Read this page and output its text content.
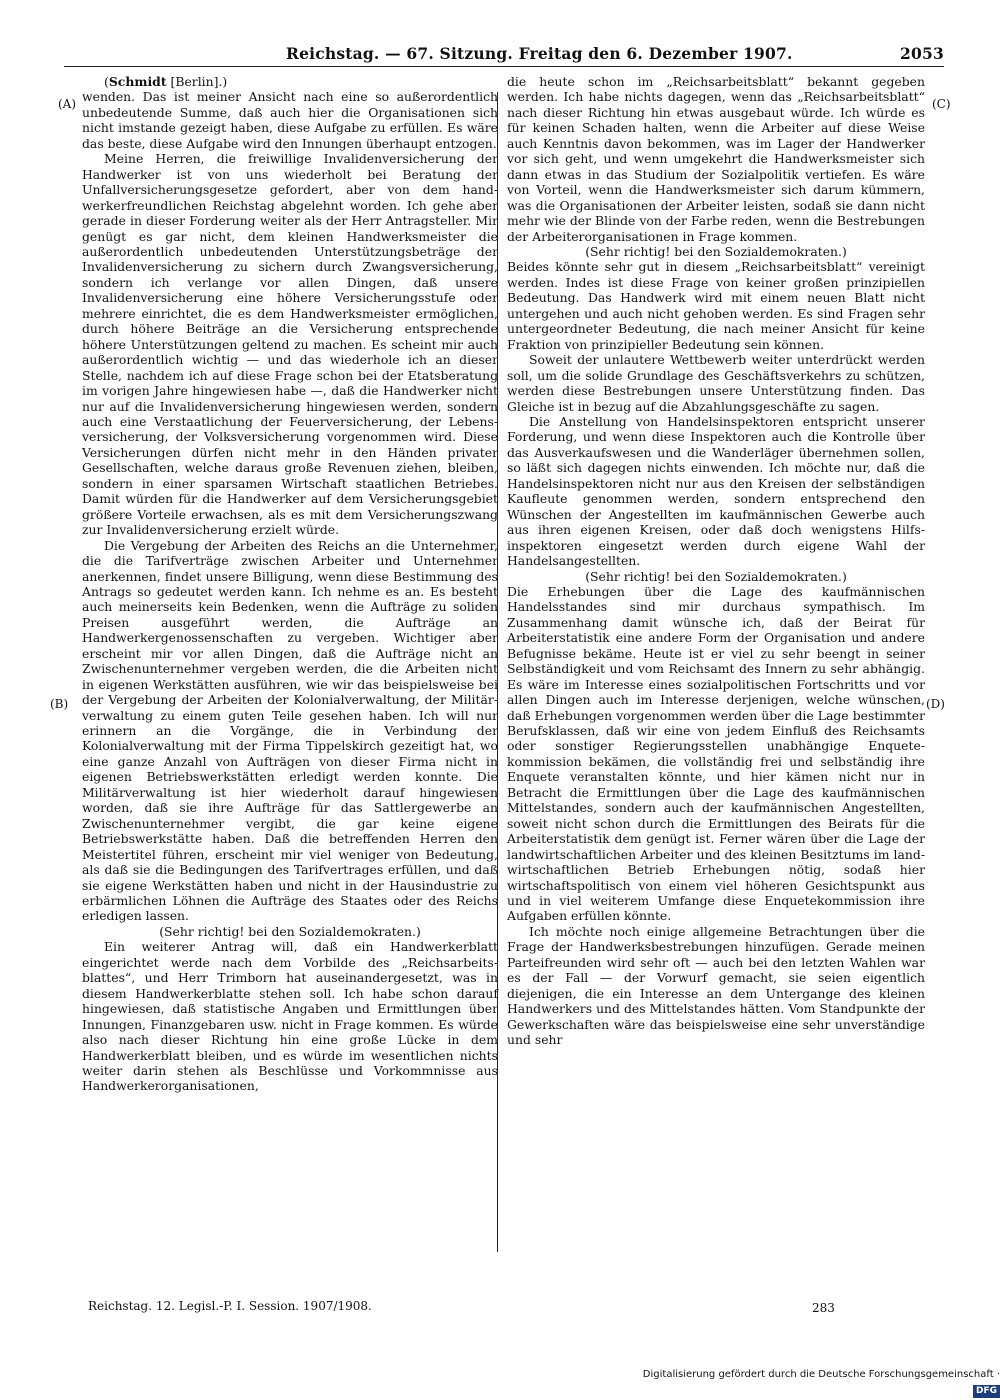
Reichstag. — 67. Sitzung. Freitag den 6. Dezember 1907.	2053
(A)	(C)
(B)	(D)

(Schmidt [Berlin].)

wenden. Das ist meiner Ansicht nach eine so außerordentlich unbedeutende Summe, daß auch hier die Organisationen sich nicht imstande gezeigt haben, diese Aufgabe zu erfüllen. Es wäre das beste, diese Aufgabe wird den Innungen überhaupt entzogen.

Meine Herren, die freiwillige Invalidenversicherung der Handwerker ist von uns wiederholt bei Beratung der Unfallversicherungsgesetze gefordert, aber von dem handwerkerfreundlichen Reichstag abgelehnt worden. Ich gehe aber gerade in dieser Forderung weiter als der Herr Antragsteller. Mir genügt es gar nicht, dem kleinen Handwerksmeister die außerordentlich unbedeutenden Unterstützungsbeträge der Invalidenversicherung zu sichern durch Zwangsversicherung, sondern ich verlange vor allen Dingen, daß unsere Invalidenversicherung eine höhere Versicherungsstufe oder mehrere einrichtet, die es dem Handwerksmeister ermöglichen, durch höhere Beiträge an die Versicherung entsprechende höhere Unterstützungen geltend zu machen. Es scheint mir auch außerordentlich wichtig — und das wiederhole ich an dieser Stelle, nachdem ich auf diese Frage schon bei der Etatsberatung im vorigen Jahre hingewiesen habe —, daß die Handwerker nicht nur auf die Invalidenversicherung hingewiesen werden, sondern auch eine Verstaatlichung der Feuerversicherung, der Lebensversicherung, der Volksversicherung vorgenommen wird. Diese Versicherungen dürfen nicht mehr in den Händen privater Gesellschaften, welche daraus große Revenuen ziehen, bleiben, sondern in einer sparsamen Wirtschaft staatlichen Betriebes. Damit würden für die Handwerker auf dem Versicherungsgebiet größere Vorteile erwachsen, als es mit dem Versicherungszwang zur Invalidenversicherung erzielt würde.

Die Vergebung der Arbeiten des Reichs an die Unternehmer, die die Tarifverträge zwischen Arbeiter und Unternehmer anerkennen, findet unsere Billigung, wenn diese Bestimmung des Antrags so gedeutet werden kann. Ich nehme es an. Es besteht auch meinerseits kein Bedenken, wenn die Aufträge zu soliden Preisen ausgeführt werden, die Aufträge an Handwerkergenossenschaften zu vergeben. Wichtiger aber erscheint mir vor allen Dingen, daß die Aufträge nicht an Zwischenunternehmer vergeben werden, die die Arbeiten nicht in eigenen Werkstätten ausführen, wie wir das beispielsweise bei der Vergebung der Arbeiten der Kolonialverwaltung, der Militärverwaltung zu einem guten Teile gesehen haben. Ich will nur erinnern an die Vorgänge, die in Verbindung der Kolonialverwaltung mit der Firma Tippelskirch gezeitigt hat, wo eine ganze Anzahl von Aufträgen von dieser Firma nicht in eigenen Betriebswerkstätten erledigt werden konnte. Die Militärverwaltung ist hier wiederholt darauf hingewiesen worden, daß sie ihre Aufträge für das Sattlergewerbe an Zwischenunternehmer vergibt, die gar keine eigene Betriebswerkstätte haben. Daß die betreffenden Herren den Meistertitel führen, erscheint mir viel weniger von Bedeutung, als daß sie die Bedingungen des Tarifvertrages erfüllen, und daß sie eigene Werkstätten haben und nicht in der Hausindustrie zu erbärmlichen Löhnen die Aufträge des Staates oder des Reichs erledigen lassen.

(Sehr richtig! bei den Sozialdemokraten.)

Ein weiterer Antrag will, daß ein Handwerkerblatt eingerichtet werde nach dem Vorbilde des „Reichsarbeitsblattes“, und Herr Trimborn hat auseinandergesetzt, was in diesem Handwerkerblatte stehen soll. Ich habe schon darauf hingewiesen, daß statistische Angaben und Ermittlungen über Innungen, Finanzgebaren usw. nicht in Frage kommen. Es würde also nach dieser Richtung hin eine große Lücke in dem Handwerkerblatt bleiben, und es würde im wesentlichen nichts weiter darin stehen als Beschlüsse und Vorkommnisse aus Handwerkerorganisationen,

die heute schon im „Reichsarbeitsblatt“ bekannt gegeben werden. Ich habe nichts dagegen, wenn das „Reichsarbeitsblatt“ nach dieser Richtung hin etwas ausgebaut würde. Ich würde es für keinen Schaden halten, wenn die Arbeiter auf diese Weise auch Kenntnis davon bekommen, was im Lager der Handwerker vor sich geht, und wenn umgekehrt die Handwerksmeister sich dann etwas in das Studium der Sozialpolitik vertiefen. Es wäre von Vorteil, wenn die Handwerksmeister sich darum kümmern, was die Organisationen der Arbeiter leisten, sodaß sie dann nicht mehr wie der Blinde von der Farbe reden, wenn die Bestrebungen der Arbeiterorganisationen in Frage kommen.

(Sehr richtig! bei den Sozialdemokraten.)

Beides könnte sehr gut in diesem „Reichsarbeitsblatt“ vereinigt werden. Indes ist diese Frage von keiner großen prinzipiellen Bedeutung. Das Handwerk wird mit einem neuen Blatt nicht untergehen und auch nicht gehoben werden. Es sind Fragen sehr untergeordneter Bedeutung, die nach meiner Ansicht für keine Fraktion von prinzipieller Bedeutung sein können.

Soweit der unlautere Wettbewerb weiter unterdrückt werden soll, um die solide Grundlage des Geschäftsverkehrs zu schützen, werden diese Bestrebungen unsere Unterstützung finden. Das Gleiche ist in bezug auf die Abzahlungsgeschäfte zu sagen.

Die Anstellung von Handelsinspektoren entspricht unserer Forderung, und wenn diese Inspektoren auch die Kontrolle über das Ausverkaufswesen und die Wanderläger übernehmen sollen, so läßt sich dagegen nichts einwenden. Ich möchte nur, daß die Handelsinspektoren nicht nur aus den Kreisen der selbständigen Kaufleute genommen werden, sondern entsprechend den Wünschen der Angestellten im kaufmännischen Gewerbe auch aus ihren eigenen Kreisen, oder daß doch wenigstens Hilfsinspektoren eingesetzt werden durch eigene Wahl der Handelsangestellten.

(Sehr richtig! bei den Sozialdemokraten.)

Die Erhebungen über die Lage des kaufmännischen Handelsstandes sind mir durchaus sympathisch. Im Zusammenhang damit wünsche ich, daß der Beirat für Arbeiterstatistik eine andere Form der Organisation und andere Befugnisse bekäme. Heute ist er viel zu sehr beengt in seiner Selbständigkeit und vom Reichsamt des Innern zu sehr abhängig. Es wäre im Interesse eines sozialpolitischen Fortschritts und vor allen Dingen auch im Interesse derjenigen, welche wünschen, daß Erhebungen vorgenommen werden über die Lage bestimmter Berufsklassen, daß wir eine von jedem Einfluß des Reichsamts oder sonstiger Regierungsstellen unabhängige Enquetekommission bekämen, die vollständig frei und selbständig ihre Enquete veranstalten könnte, und hier kämen nicht nur in Betracht die Ermittlungen über die Lage des kaufmännischen Mittelstandes, sondern auch der kaufmännischen Angestellten, soweit nicht schon durch die Ermittlungen des Beirats für die Arbeiterstatistik dem genügt ist. Ferner wären über die Lage der landwirtschaftlichen Arbeiter und des kleinen Besitztums im landwirtschaftlichen Betrieb Erhebungen nötig, sodaß hier wirtschaftspolitisch von einem viel höheren Gesichtspunkt aus und in viel weiterem Umfange diese Enquetekommission ihre Aufgaben erfüllen könnte.

Ich möchte noch einige allgemeine Betrachtungen über die Frage der Handwerksbestrebungen hinzufügen. Gerade meinen Parteifreunden wird sehr oft — auch bei den letzten Wahlen war es der Fall — der Vorwurf gemacht, sie seien eigentlich diejenigen, die ein Interesse an dem Untergange des kleinen Handwerkers und des Mittelstandes hätten. Vom Standpunkte der Gewerkschaften wäre das beispielsweise eine sehr unverständige und sehr

Reichstag. 12. Legisl.-P. I. Session. 1907/1908.	283
Digitalisierung gefördert durch die Deutsche Forschungsgemeinschaft ·DFG
